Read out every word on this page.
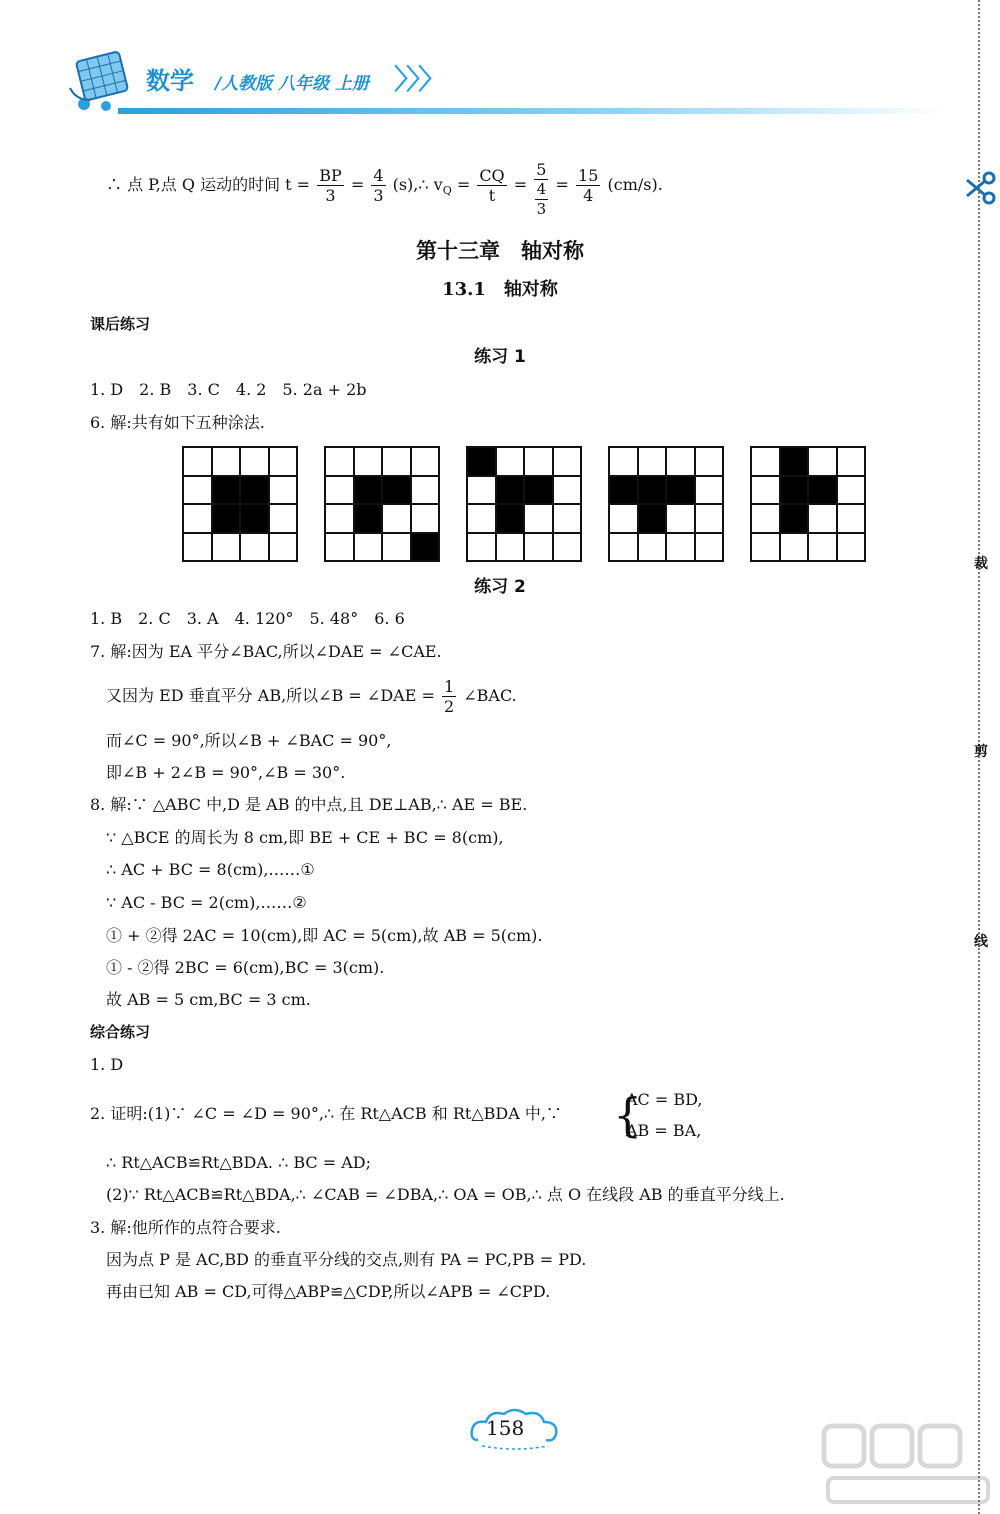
数学 /人教版 八年级 上册 〉〉〉
裁
剪
线
∴ 点 P,点 Q 运动的时间 $t = \frac{BP}{3} = \frac{4}{3}$ (s),∴ $v_Q = \frac{CQ}{t} = \frac{5}{\frac{4}{3}} = \frac{15}{4} (cm/s)$.
第十三章　轴对称
13.1　轴对称
课后练习
练习 1
1. D　2. B　3. C　4. 2　5. 2a + 2b
6. 解:共有如下五种涂法.
练习 2
1. B　2. C　3. A　4. 120°　5. 48°　6. 6
7. 解:因为 EA 平分∠BAC,所以∠DAE = ∠CAE.
又因为 ED 垂直平分 AB,所以∠B = ∠DAE = $\frac{1}{2}$ ∠BAC.
而∠C = 90°,所以∠B + ∠BAC = 90°,
即∠B + 2∠B = 90°,∠B = 30°.
8. 解:∵ △ABC 中,D 是 AB 的中点,且 DE⊥AB,∴ AE = BE.
∵ △BCE 的周长为 8 cm,即 BE + CE + BC = 8(cm),
∴ AC + BC = 8(cm),……①
∵ AC - BC = 2(cm),……②
① + ②得 2AC = 10(cm),即 AC = 5(cm),故 AB = 5(cm).
① - ②得 2BC = 6(cm),BC = 3(cm).
故 AB = 5 cm,BC = 3 cm.
综合练习
1. D
2. 证明:(1)∵ ∠C = ∠D = 90°,∴ 在 Rt△ACB 和 Rt△BDA 中,∵ {
AC = BD,
AB = BA,
∴ Rt△ACB≌Rt△BDA. ∴ BC = AD;
(2)∵ Rt△ACB≌Rt△BDA,∴ ∠CAB = ∠DBA,∴ OA = OB,∴ 点 O 在线段 AB 的垂直平分线上.
3. 解:他所作的点符合要求.
因为点 P 是 AC,BD 的垂直平分线的交点,则有 PA = PC,PB = PD.
再由已知 AB = CD,可得△ABP≌△CDP,所以∠APB = ∠CPD.
158
